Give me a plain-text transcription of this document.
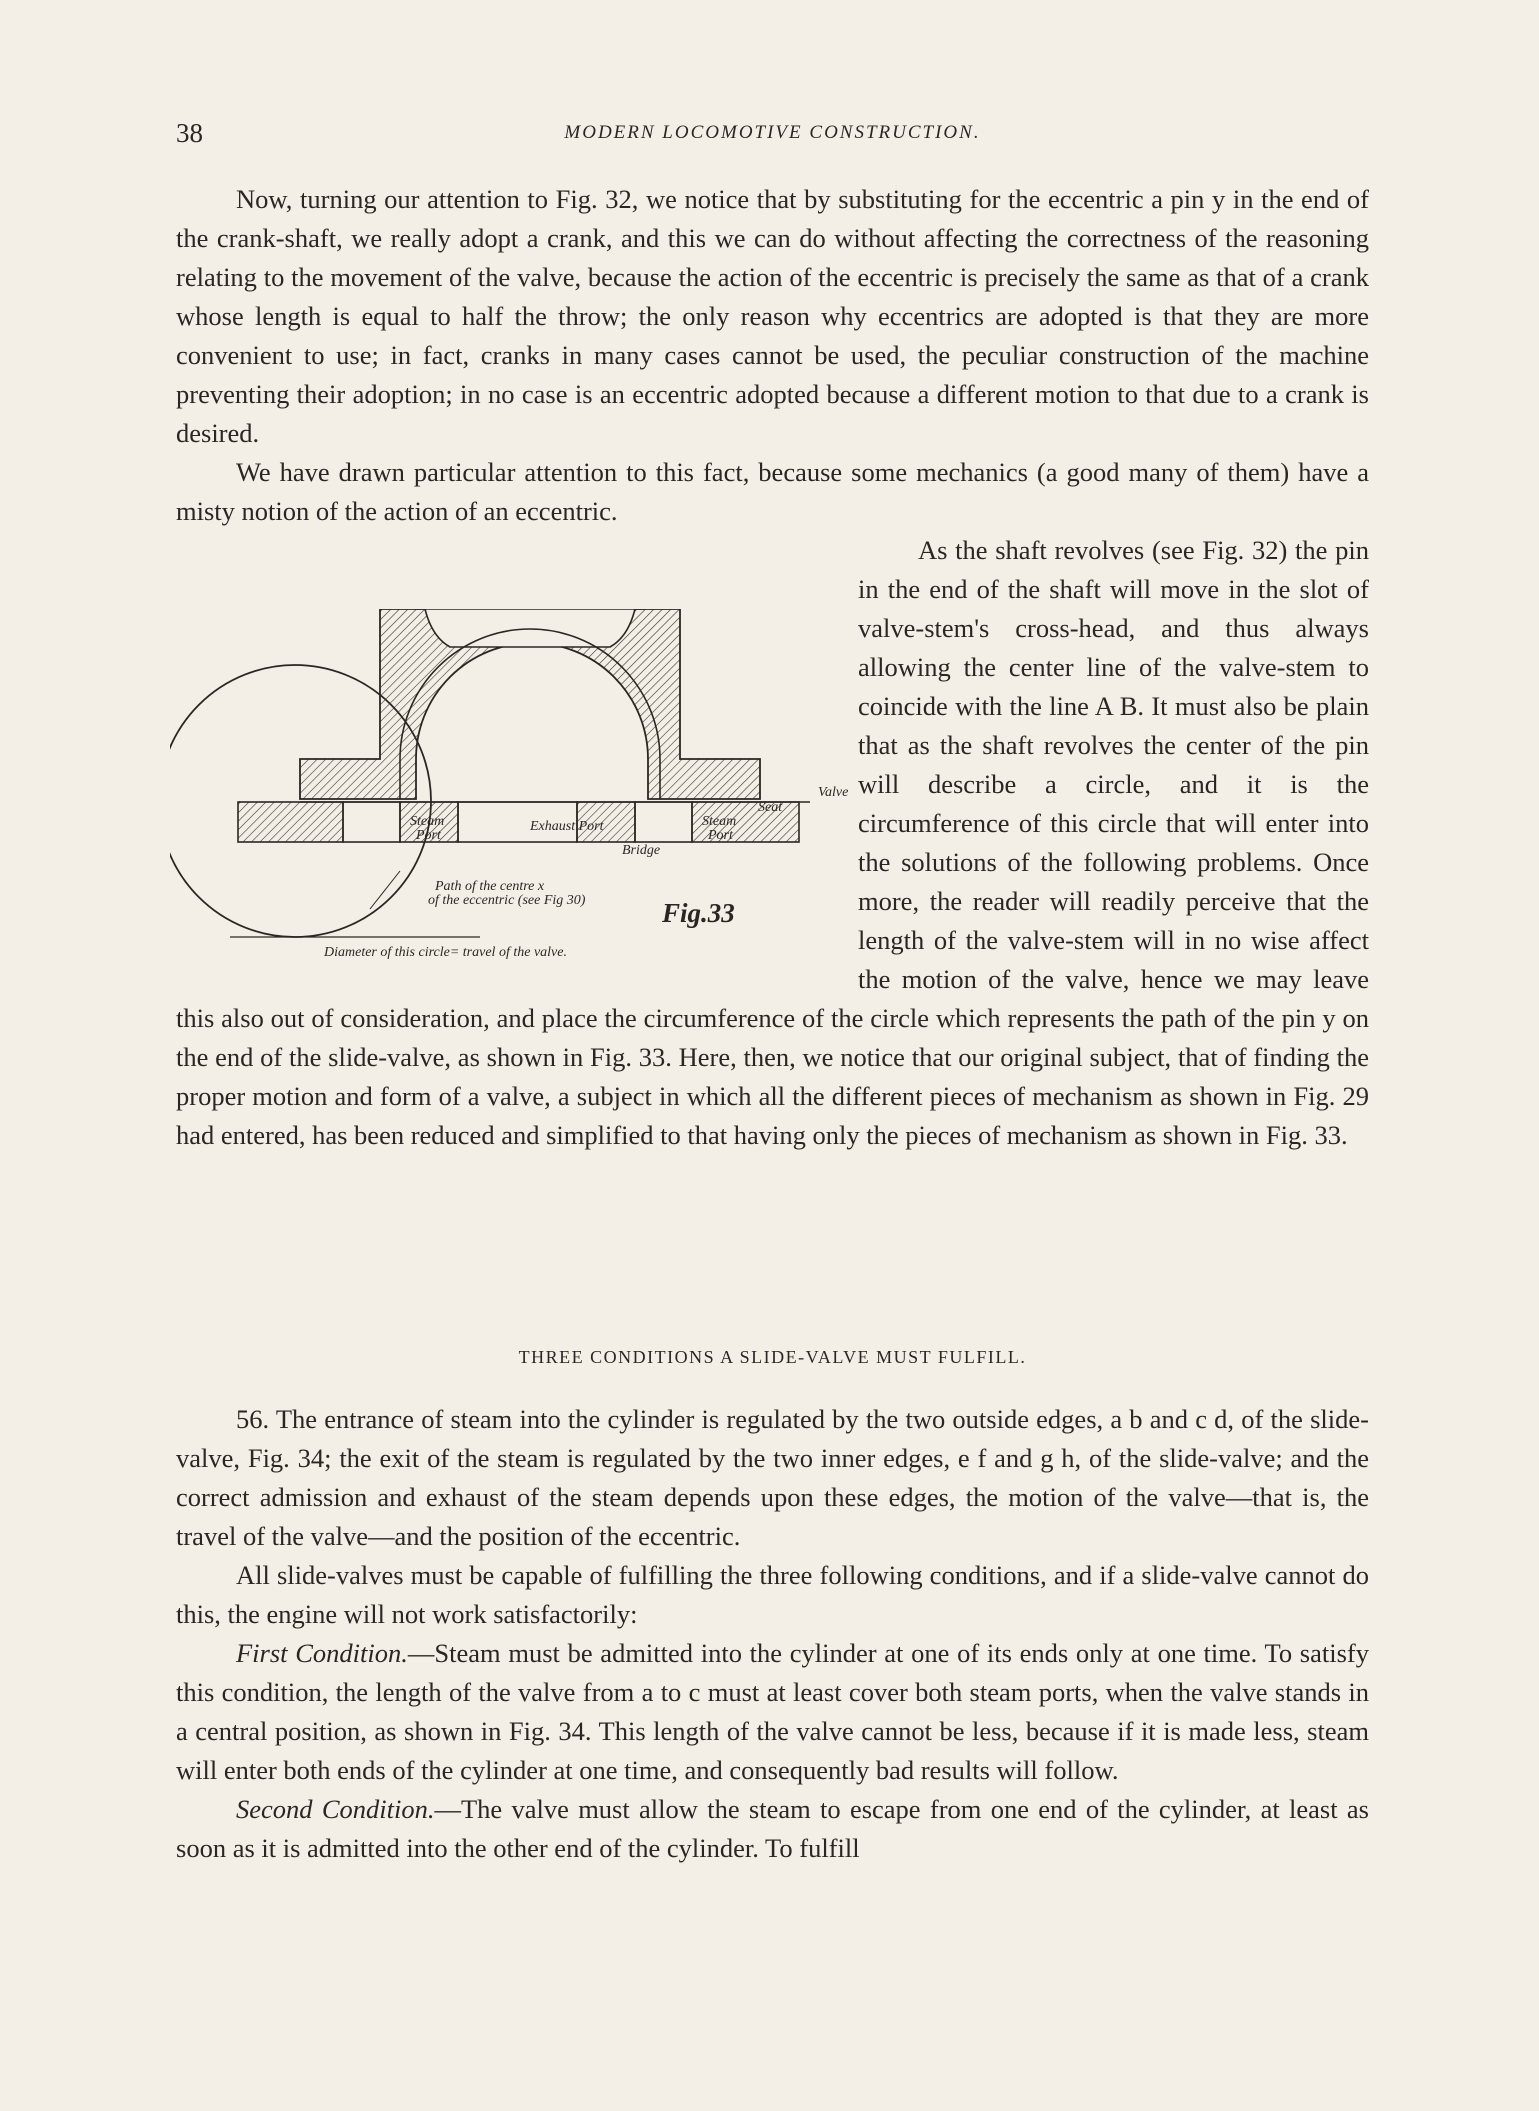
38	MODERN LOCOMOTIVE CONSTRUCTION.

Now, turning our attention to Fig. 32, we notice that by substituting for the eccentric a pin y in the end of the crank-shaft, we really adopt a crank, and this we can do without affecting the correctness of the reasoning relating to the movement of the valve, because the action of the eccentric is precisely the same as that of a crank whose length is equal to half the throw; the only reason why eccentrics are adopted is that they are more convenient to use; in fact, cranks in many cases cannot be used, the peculiar construction of the machine preventing their adoption; in no case is an eccentric adopted because a different motion to that due to a crank is desired.

We have drawn particular attention to this fact, because some mechanics (a good many of them) have a misty notion of the action of an eccentric.

Valve Seat
Steam
Port
Exhaust Port
Bridge
Steam
Port
Path of the centre x
of the eccentric (see Fig 30)	Fig.33
Diameter of this circle= travel of the valve.
As the shaft revolves (see Fig. 32) the pin in the end of the shaft will move in the slot of valve-stem's cross-head, and thus always allowing the center line of the valve-stem to coincide with the line A B. It must also be plain that as the shaft revolves the center of the pin will describe a circle, and it is the circumference of this circle that will enter into the solutions of the following problems. Once more, the reader will readily perceive that the length of the valve-stem will in no wise affect the motion of the valve, hence we may leave this also out of consideration, and place the circumference of the circle which represents the path of the pin y on the end of the slide-valve, as shown in Fig. 33. Here, then, we notice that our original subject, that of finding the proper motion and form of a valve, a subject in which all the different pieces of mechanism as shown in Fig. 29 had entered, has been reduced and simplified to that having only the pieces of mechanism as shown in Fig. 33.

THREE CONDITIONS A SLIDE-VALVE MUST FULFILL.

56. The entrance of steam into the cylinder is regulated by the two outside edges, a b and c d, of the slide-valve, Fig. 34; the exit of the steam is regulated by the two inner edges, e f and g h, of the slide-valve; and the correct admission and exhaust of the steam depends upon these edges, the motion of the valve—that is, the travel of the valve—and the position of the eccentric.

All slide-valves must be capable of fulfilling the three following conditions, and if a slide-valve cannot do this, the engine will not work satisfactorily:

First Condition.—Steam must be admitted into the cylinder at one of its ends only at one time. To satisfy this condition, the length of the valve from a to c must at least cover both steam ports, when the valve stands in a central position, as shown in Fig. 34. This length of the valve cannot be less, because if it is made less, steam will enter both ends of the cylinder at one time, and consequently bad results will follow.

Second Condition.—The valve must allow the steam to escape from one end of the cylinder, at least as soon as it is admitted into the other end of the cylinder. To fulfill
